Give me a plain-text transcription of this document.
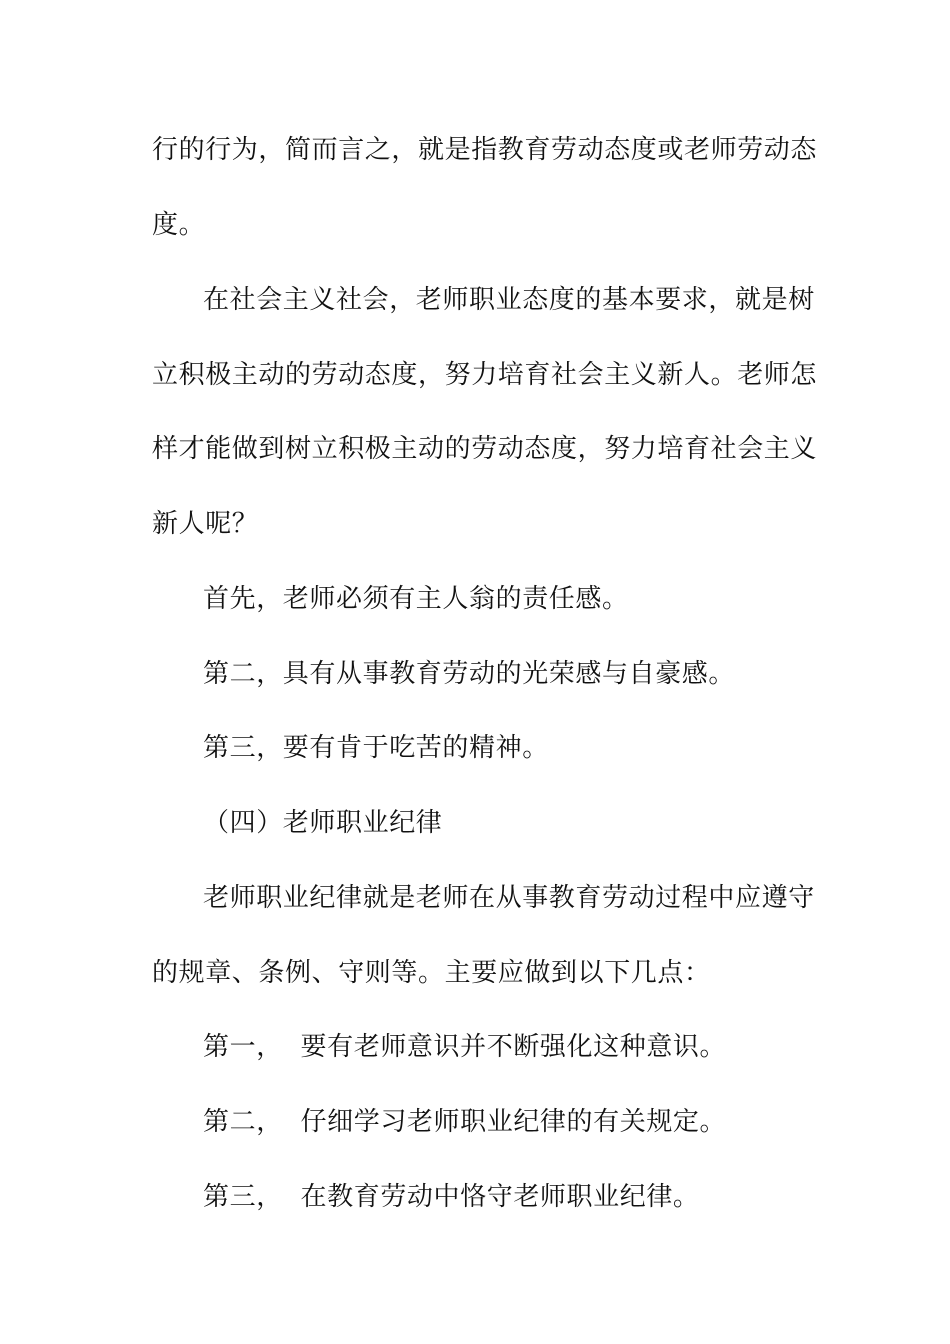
行的行为，简而言之，就是指教育劳动态度或老师劳动态
度。
在社会主义社会，老师职业态度的基本要求，就是树
立积极主动的劳动态度，努力培育社会主义新人。老师怎
样才能做到树立积极主动的劳动态度，努力培育社会主义
新人呢？
首先，老师必须有主人翁的责任感。
第二，具有从事教育劳动的光荣感与自豪感。
第三，要有肯于吃苦的精神。
（四）老师职业纪律
老师职业纪律就是老师在从事教育劳动过程中应遵守
的规章、条例、守则等。主要应做到以下几点：
第一，  要有老师意识并不断强化这种意识。
第二，  仔细学习老师职业纪律的有关规定。
第三，  在教育劳动中恪守老师职业纪律。
